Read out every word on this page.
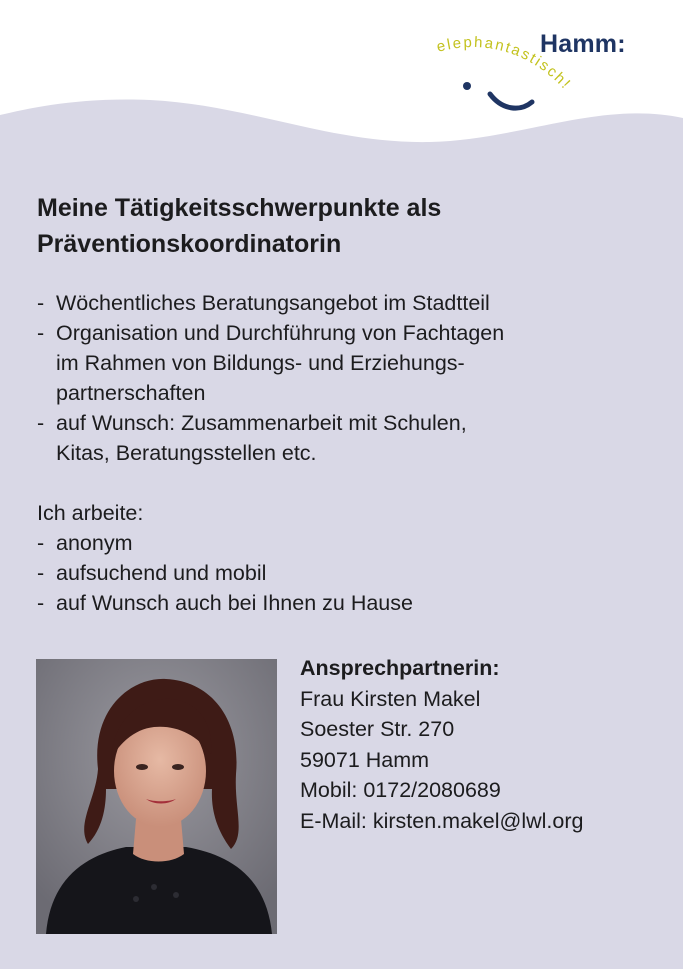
elephantastisch!
Hamm:
Meine Tätigkeitsschwerpunkte als
Präventionskoordinatorin
- Wöchentliches Beratungsangebot im Stadtteil
- Organisation und Durchführung von Fachtagen
im Rahmen von Bildungs- und Erziehungs-
partnerschaften
- auf Wunsch: Zusammenarbeit mit Schulen,
Kitas, Beratungsstellen etc.
Ich arbeite:
- anonym
- aufsuchend und mobil
- auf Wunsch auch bei Ihnen zu Hause
Ansprechpartnerin:
Frau Kirsten Makel
Soester Str. 270
59071 Hamm
Mobil: 0172/2080689
E-Mail: kirsten.makel@lwl.org
